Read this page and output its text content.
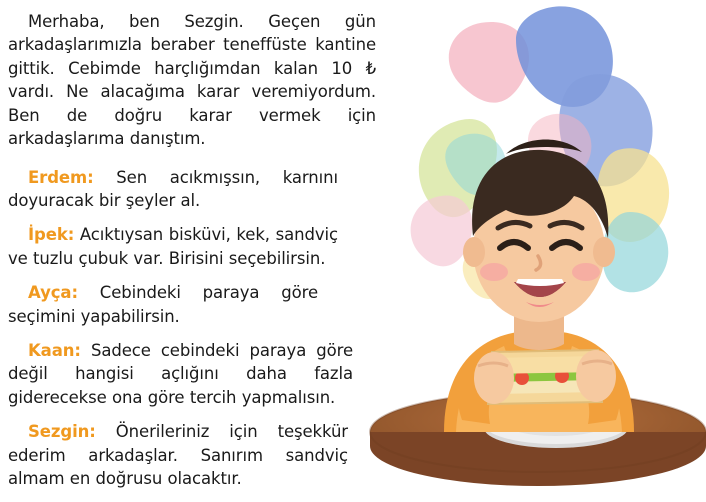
Merhaba, ben Sezgin. Geçen gün arkadaşlarımızla beraber teneffüste kantine gittik. Cebimde harçlığımdan kalan 10 ₺ vardı. Ne alacağıma karar veremiyordum. Ben de doğru karar vermek için arkadaşlarıma danıştım.

Erdem: Sen acıkmışsın, karnını doyuracak bir şeyler al.

İpek: Acıktıysan bisküvi, kek, sandviç ve tuzlu çubuk var. Birisini seçebilirsin.

Ayça: Cebindeki paraya göre seçimini yapabilirsin.

Kaan: Sadece cebindeki paraya göre değil hangisi açlığını daha fazla giderecekse ona göre tercih yapmalısın.

Sezgin: Önerileriniz için teşekkür ederim arkadaşlar. Sanırım sandviç almam en doğrusu olacaktır.
